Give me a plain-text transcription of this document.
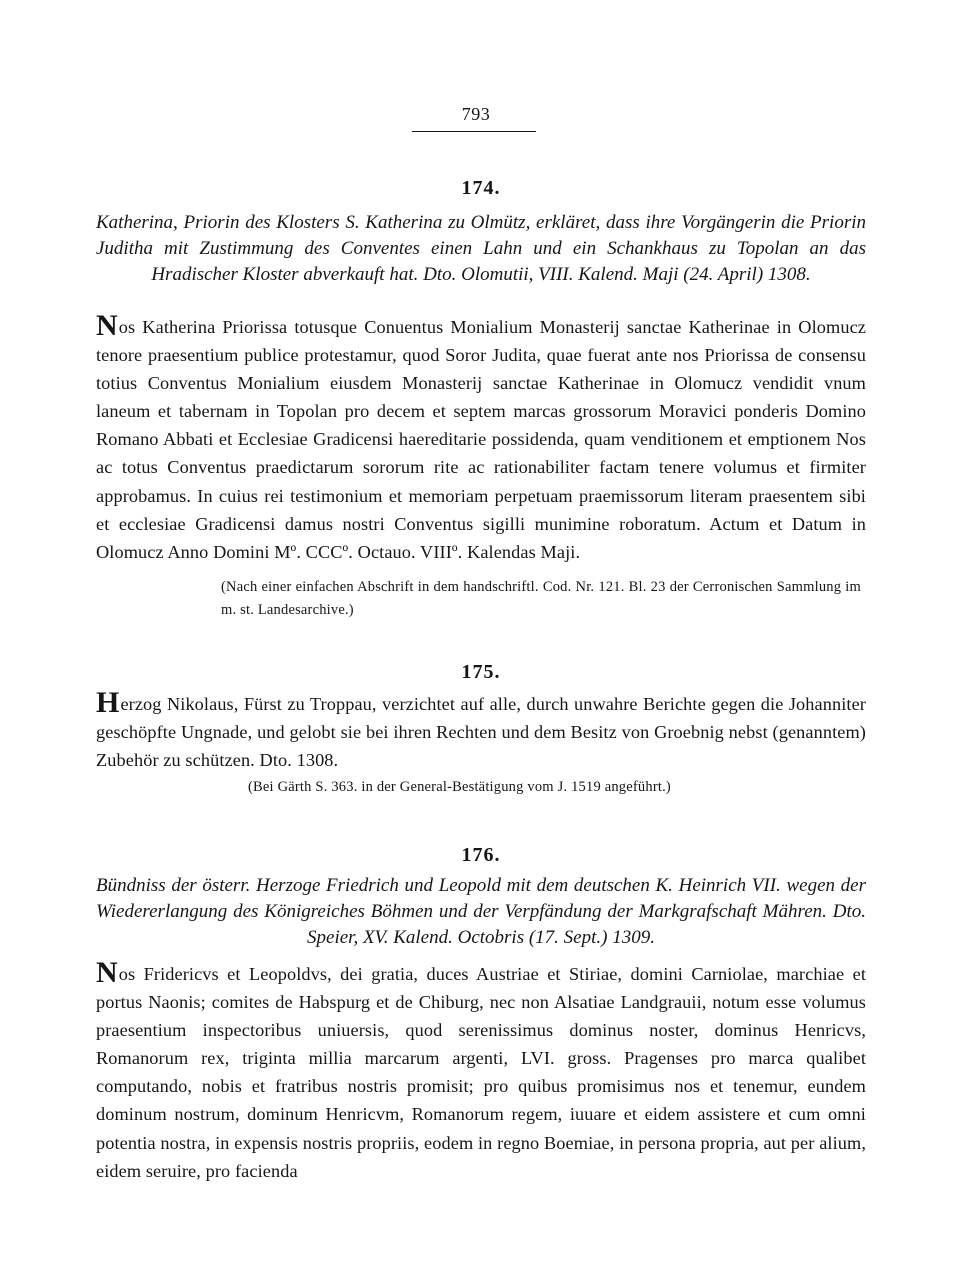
793
174.
Katherina, Priorin des Klosters S. Katherina zu Olmütz, erkläret, dass ihre Vorgängerin die Priorin Juditha mit Zustimmung des Conventes einen Lahn und ein Schankhaus zu Topolan an das Hradischer Kloster abverkauft hat. Dto. Olomutii, VIII. Kalend. Maji (24. April) 1308.
Nos Katherina Priorissa totusque Conuentus Monialium Monasterij sanctae Katherinae in Olomucz tenore praesentium publice protestamur, quod Soror Judita, quae fuerat ante nos Priorissa de consensu totius Conventus Monialium eiusdem Monasterij sanctae Katherinae in Olomucz vendidit vnum laneum et tabernam in Topolan pro decem et septem marcas grossorum Moravici ponderis Domino Romano Abbati et Ecclesiae Gradicensi haereditarie possidenda, quam venditionem et emptionem Nos ac totus Conventus praedictarum sororum rite ac rationabiliter factam tenere volumus et firmiter approbamus. In cuius rei testimonium et memoriam perpetuam praemissorum literam praesentem sibi et ecclesiae Gradicensi damus nostri Conventus sigilli munimine roboratum. Actum et Datum in Olomucz Anno Domini Mº. CCCº. Octauo. VIIIº. Kalendas Maji.
(Nach einer einfachen Abschrift in dem handschriftl. Cod. Nr. 121. Bl. 23 der Cerronischen Sammlung im m. st. Landesarchive.)
175.
Herzog Nikolaus, Fürst zu Troppau, verzichtet auf alle, durch unwahre Berichte gegen die Johanniter geschöpfte Ungnade, und gelobt sie bei ihren Rechten und dem Besitz von Groebnig nebst (genanntem) Zubehör zu schützen. Dto. 1308.
(Bei Gärth S. 363. in der General-Bestätigung vom J. 1519 angeführt.)
176.
Bündniss der österr. Herzoge Friedrich und Leopold mit dem deutschen K. Heinrich VII. wegen der Wiedererlangung des Königreiches Böhmen und der Verpfändung der Markgrafschaft Mähren. Dto. Speier, XV. Kalend. Octobris (17. Sept.) 1309.
Nos Fridericvs et Leopoldvs, dei gratia, duces Austriae et Stiriae, domini Carniolae, marchiae et portus Naonis; comites de Habspurg et de Chiburg, nec non Alsatiae Landgrauii, notum esse volumus praesentium inspectoribus uniuersis, quod serenissimus dominus noster, dominus Henricvs, Romanorum rex, triginta millia marcarum argenti, LVI. gross. Pragenses pro marca qualibet computando, nobis et fratribus nostris promisit; pro quibus promisimus nos et tenemur, eundem dominum nostrum, dominum Henricvm, Romanorum regem, iuuare et eidem assistere et cum omni potentia nostra, in expensis nostris propriis, eodem in regno Boemiae, in persona propria, aut per alium, eidem seruire, pro facienda
